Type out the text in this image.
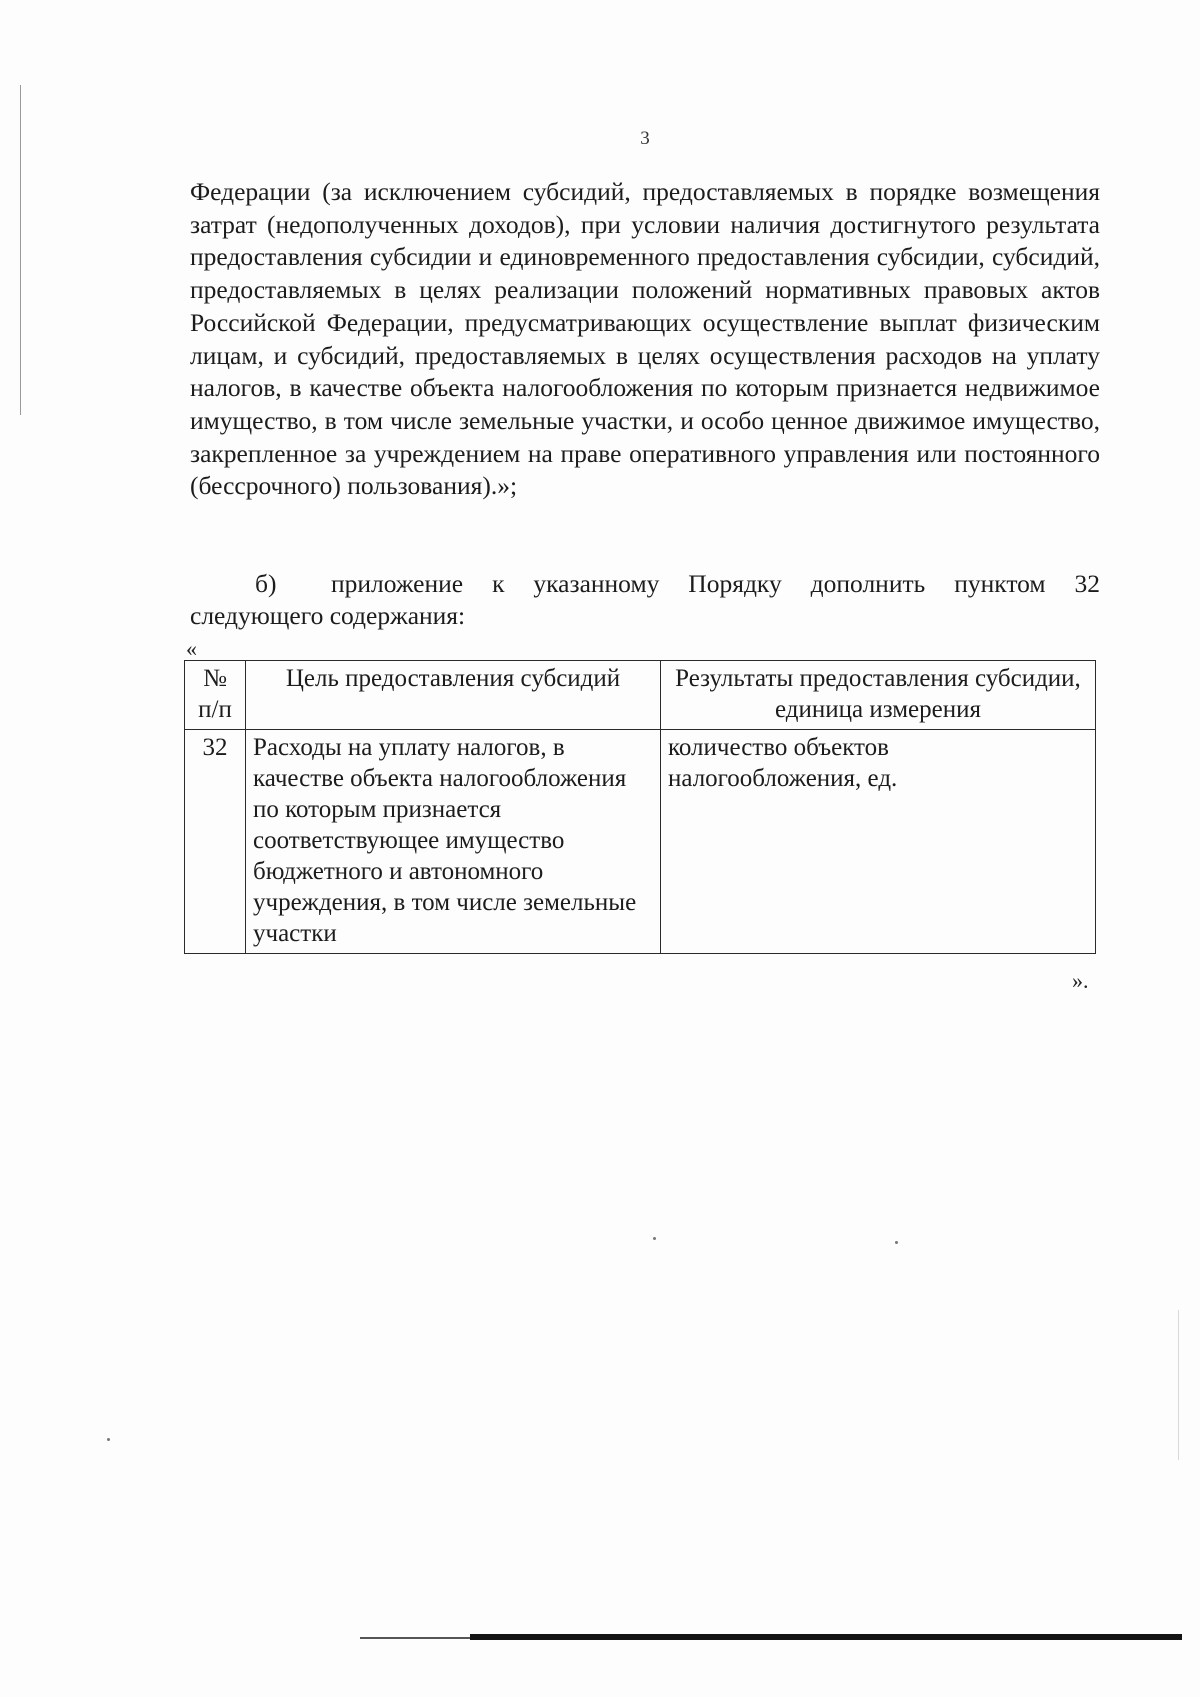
3

Федерации (за исключением субсидий, предоставляемых в порядке возмещения затрат (недополученных доходов), при условии наличия достигнутого результата предоставления субсидии и единовременного предоставления субсидии, субсидий, предоставляемых в целях реализации положений нормативных правовых актов Российской Федерации, предусматривающих осуществление выплат физическим лицам, и субсидий, предоставляемых в целях осуществления расходов на уплату налогов, в качестве объекта налогообложения по которым признается недвижимое имущество, в том числе земельные участки, и особо ценное движимое имущество, закрепленное за учреждением на праве оперативного управления или постоянного (бессрочного) пользования).»;

б) приложение к указанному Порядку дополнить пунктом 32 следующего содержания:
«
№ п/п	Цель предоставления субсидий	Результаты предоставления субсидии, единица измерения
32	Расходы на уплату налогов, в качестве объекта налогообложения по которым признается соответствующее имущество бюджетного и автономного учреждения, в том числе земельные участки	количество объектов налогообложения, ед.
».
